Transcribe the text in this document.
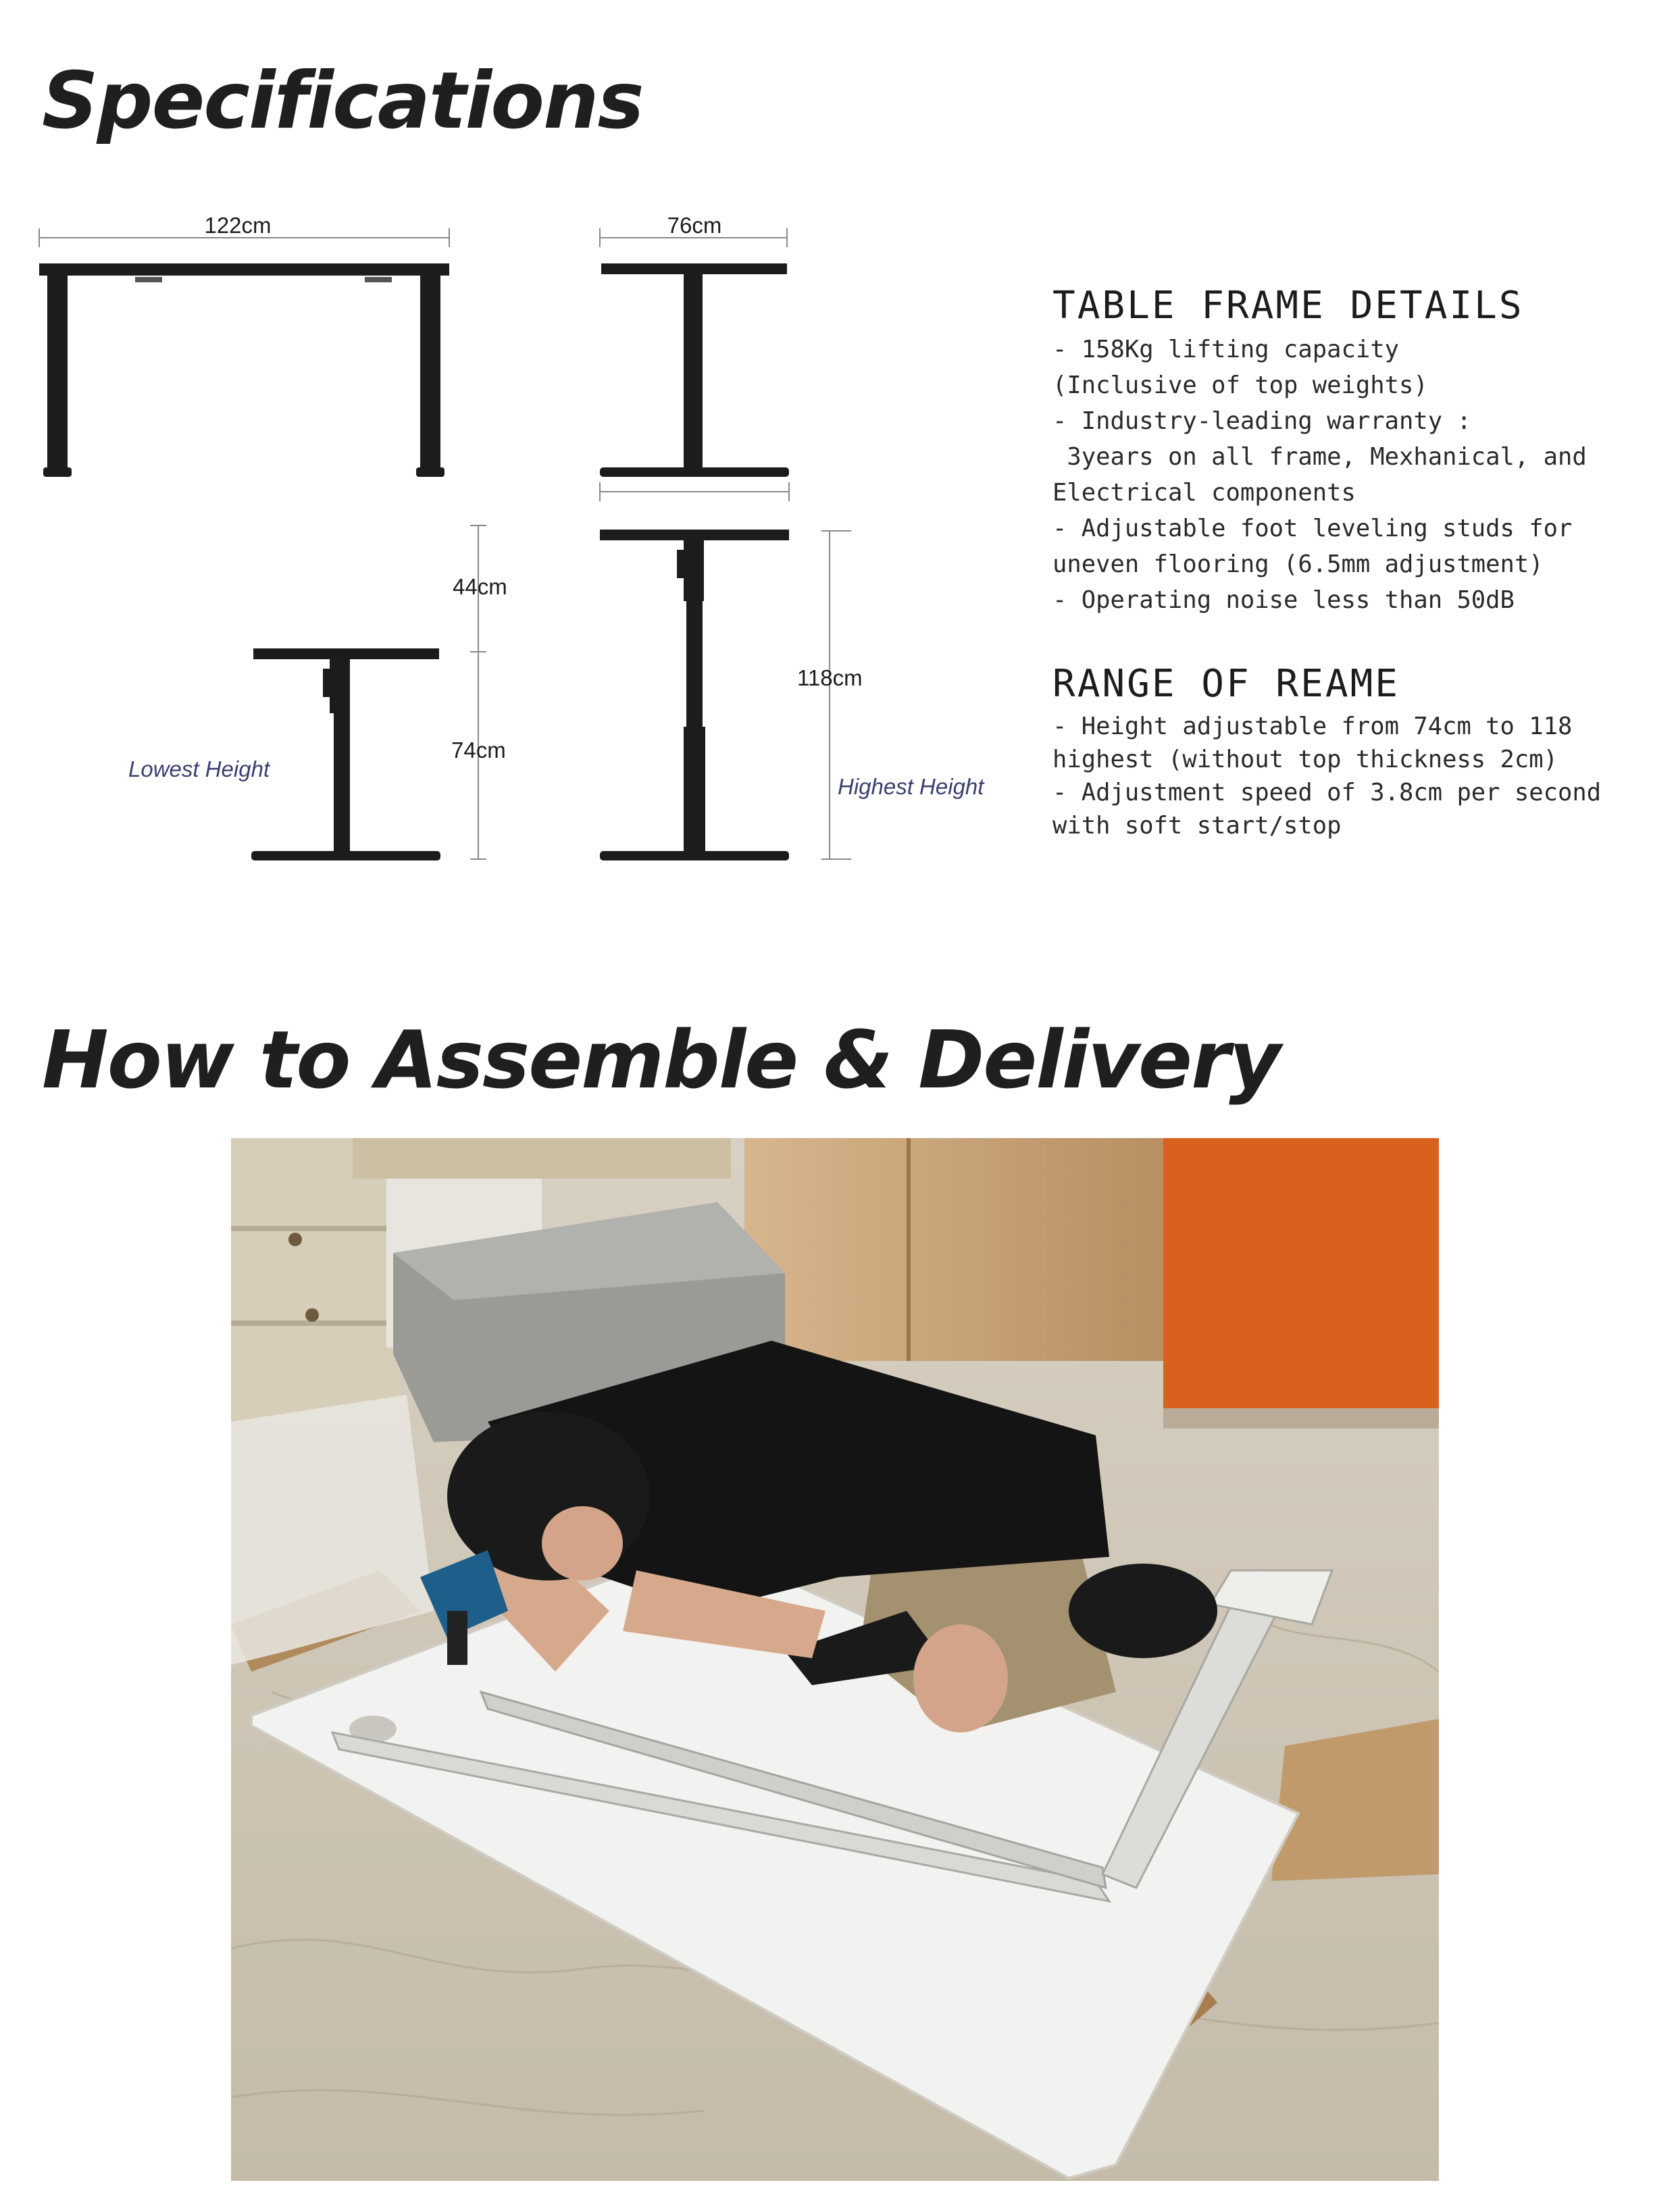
Specifications
122cm	76cm
Lowest Height
44cm
74cm
118cm
Highest Height
TABLE FRAME DETAILS
- 158Kg lifting capacity
(Inclusive of top weights)
- Industry-leading warranty :
3years on all frame, Mexhanical, and
Electrical components
- Adjustable foot leveling studs for
uneven flooring (6.5mm adjustment)
- Operating noise less than 50dB
RANGE OF REAME
- Height adjustable from 74cm to 118
highest (without top thickness 2cm)
- Adjustment speed of 3.8cm per second
with soft start/stop
How to Assemble & Delivery
